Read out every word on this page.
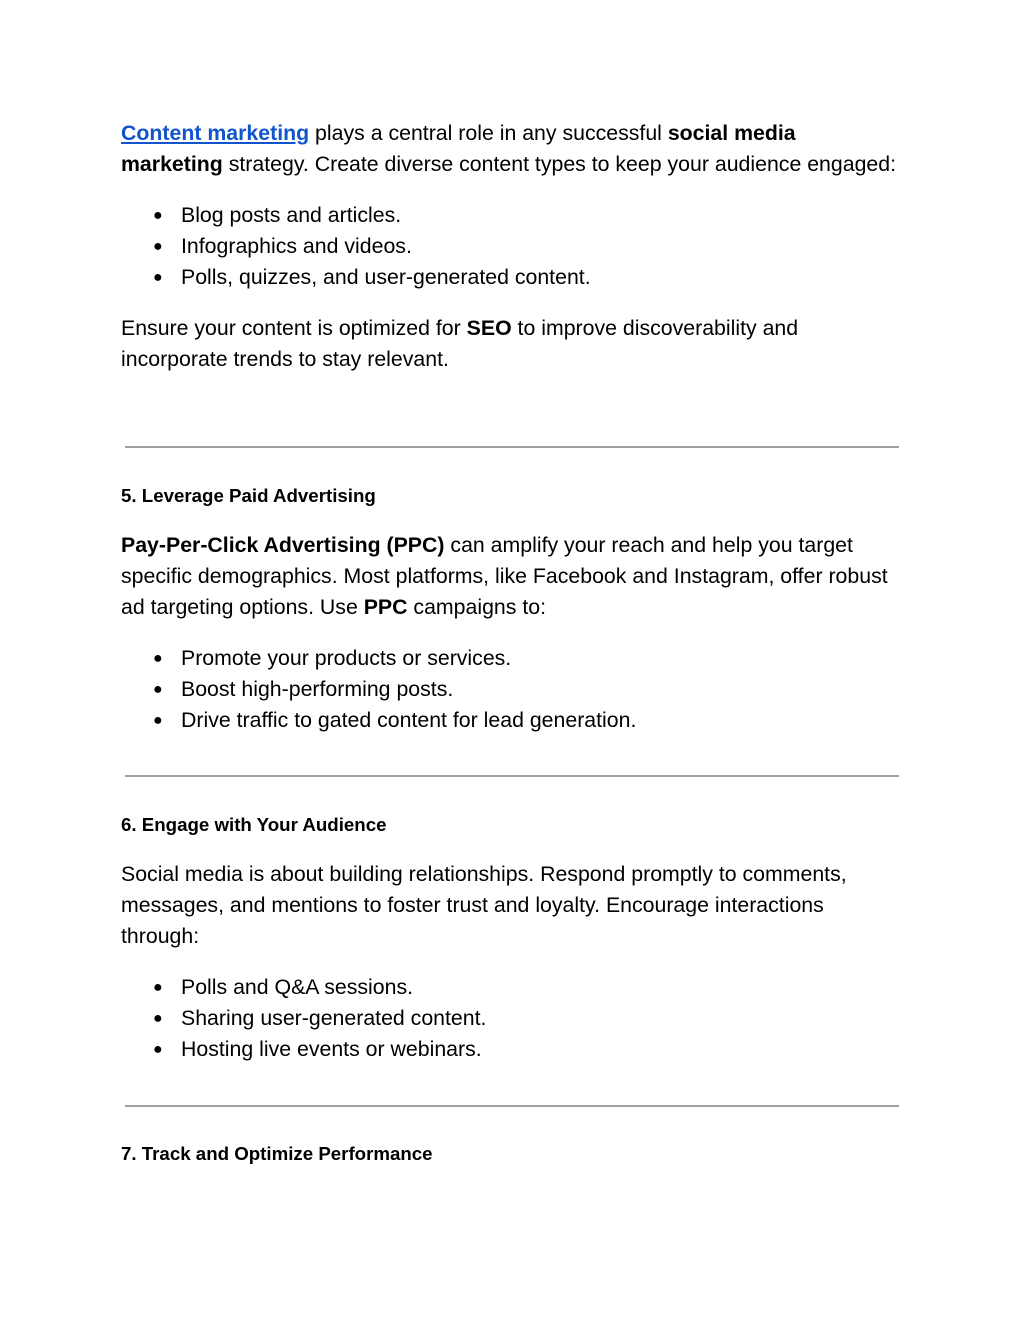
Content marketing plays a central role in any successful social media marketing strategy. Create diverse content types to keep your audience engaged:

● Blog posts and articles.
● Infographics and videos.
● Polls, quizzes, and user-generated content.

Ensure your content is optimized for SEO to improve discoverability and incorporate trends to stay relevant.

5. Leverage Paid Advertising

Pay-Per-Click Advertising (PPC) can amplify your reach and help you target specific demographics. Most platforms, like Facebook and Instagram, offer robust ad targeting options. Use PPC campaigns to:

● Promote your products or services.
● Boost high-performing posts.
● Drive traffic to gated content for lead generation.
6. Engage with Your Audience

Social media is about building relationships. Respond promptly to comments, messages, and mentions to foster trust and loyalty. Encourage interactions through:

● Polls and Q&A sessions.
● Sharing user-generated content.
● Hosting live events or webinars.
7. Track and Optimize Performance
